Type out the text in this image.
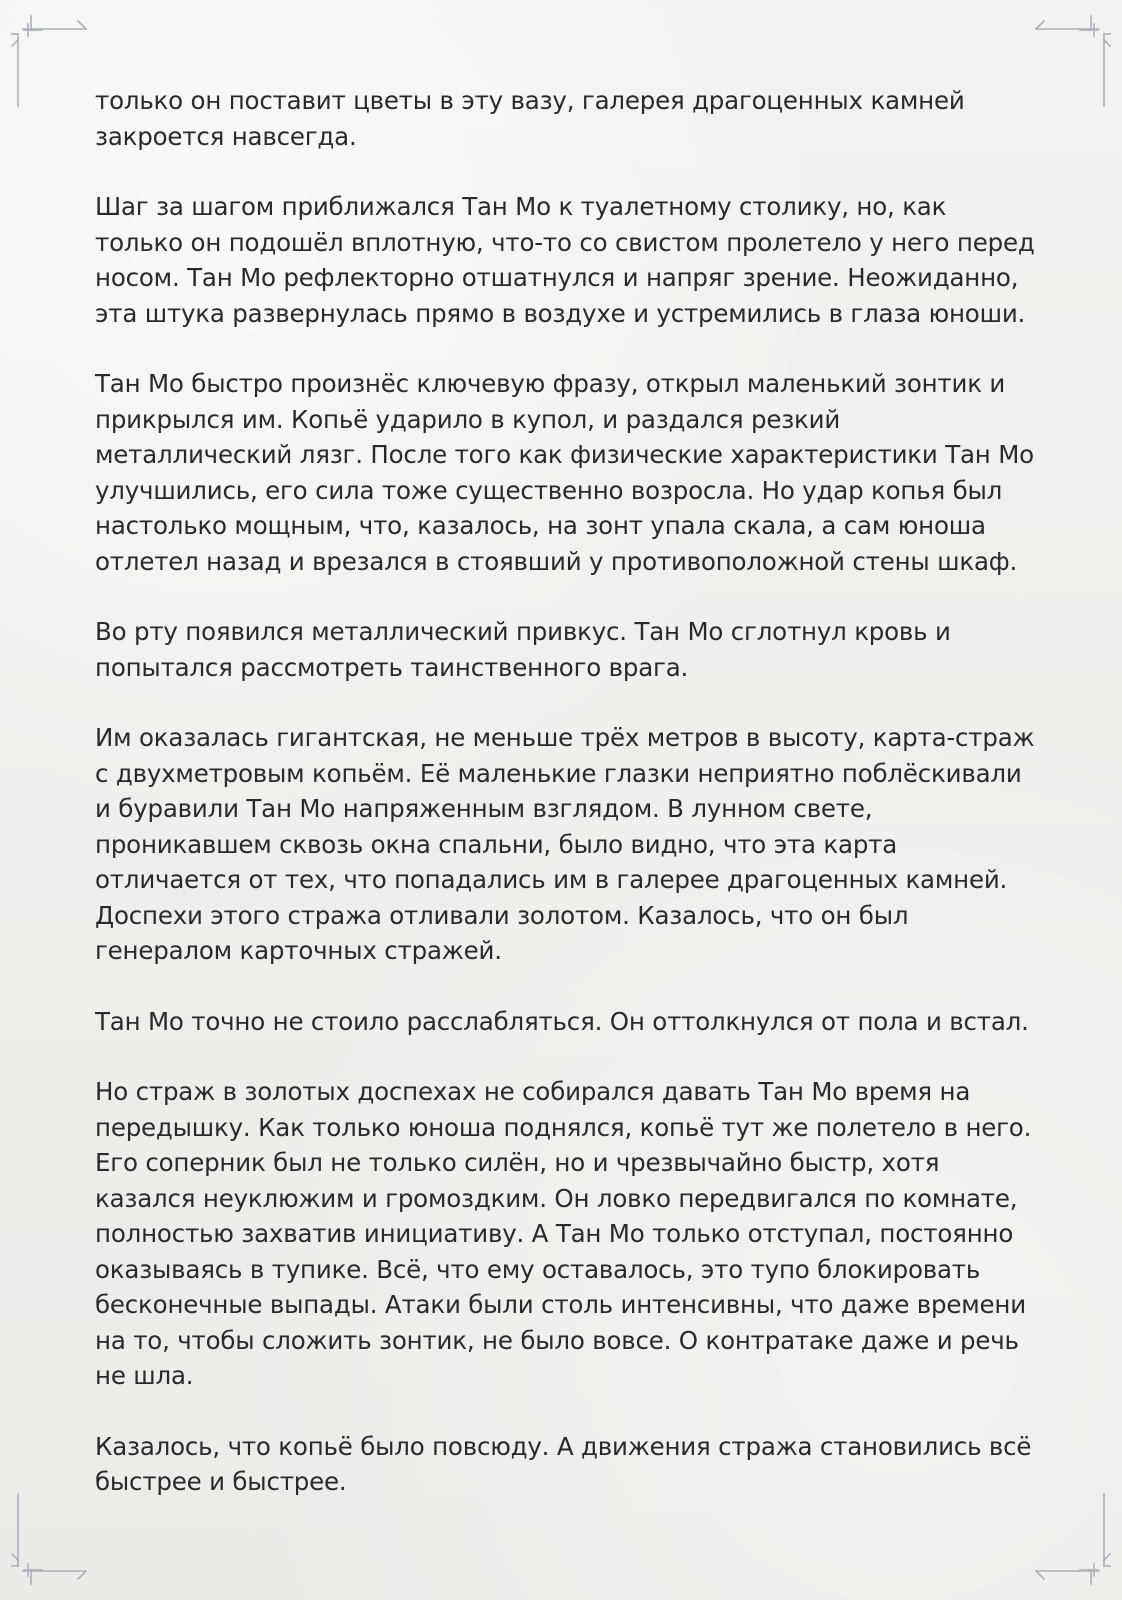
только он поставит цветы в эту вазу, галерея драгоценных камней закроется навсегда.

Шаг за шагом приближался Тан Мо к туалетному столику, но, как только он подошёл вплотную, что-то со свистом пролетело у него перед носом. Тан Мо рефлекторно отшатнулся и напряг зрение. Неожиданно, эта штука развернулась прямо в воздухе и устремились в глаза юноши.

Тан Мо быстро произнёс ключевую фразу, открыл маленький зонтик и прикрылся им. Копьё ударило в купол, и раздался резкий металлический лязг. После того как физические характеристики Тан Мо улучшились, его сила тоже существенно возросла. Но удар копья был настолько мощным, что, казалось, на зонт упала скала, а сам юноша отлетел назад и врезался в стоявший у противоположной стены шкаф.

Во рту появился металлический привкус. Тан Мо сглотнул кровь и попытался рассмотреть таинственного врага.

Им оказалась гигантская, не меньше трёх метров в высоту, карта-страж с двухметровым копьём. Её маленькие глазки неприятно поблёскивали и буравили Тан Мо напряженным взглядом. В лунном свете, проникавшем сквозь окна спальни, было видно, что эта карта отличается от тех, что попадались им в галерее драгоценных камней. Доспехи этого стража отливали золотом. Казалось, что он был генералом карточных стражей.

Тан Мо точно не стоило расслабляться. Он оттолкнулся от пола и встал.

Но страж в золотых доспехах не собирался давать Тан Мо время на передышку. Как только юноша поднялся, копьё тут же полетело в него. Его соперник был не только силён, но и чрезвычайно быстр, хотя казался неуклюжим и громоздким. Он ловко передвигался по комнате, полностью захватив инициативу. А Тан Мо только отступал, постоянно оказываясь в тупике. Всё, что ему оставалось, это тупо блокировать бесконечные выпады. Атаки были столь интенсивны, что даже времени на то, чтобы сложить зонтик, не было вовсе. О контратаке даже и речь не шла.

Казалось, что копьё было повсюду. А движения стража становились всё быстрее и быстрее.
